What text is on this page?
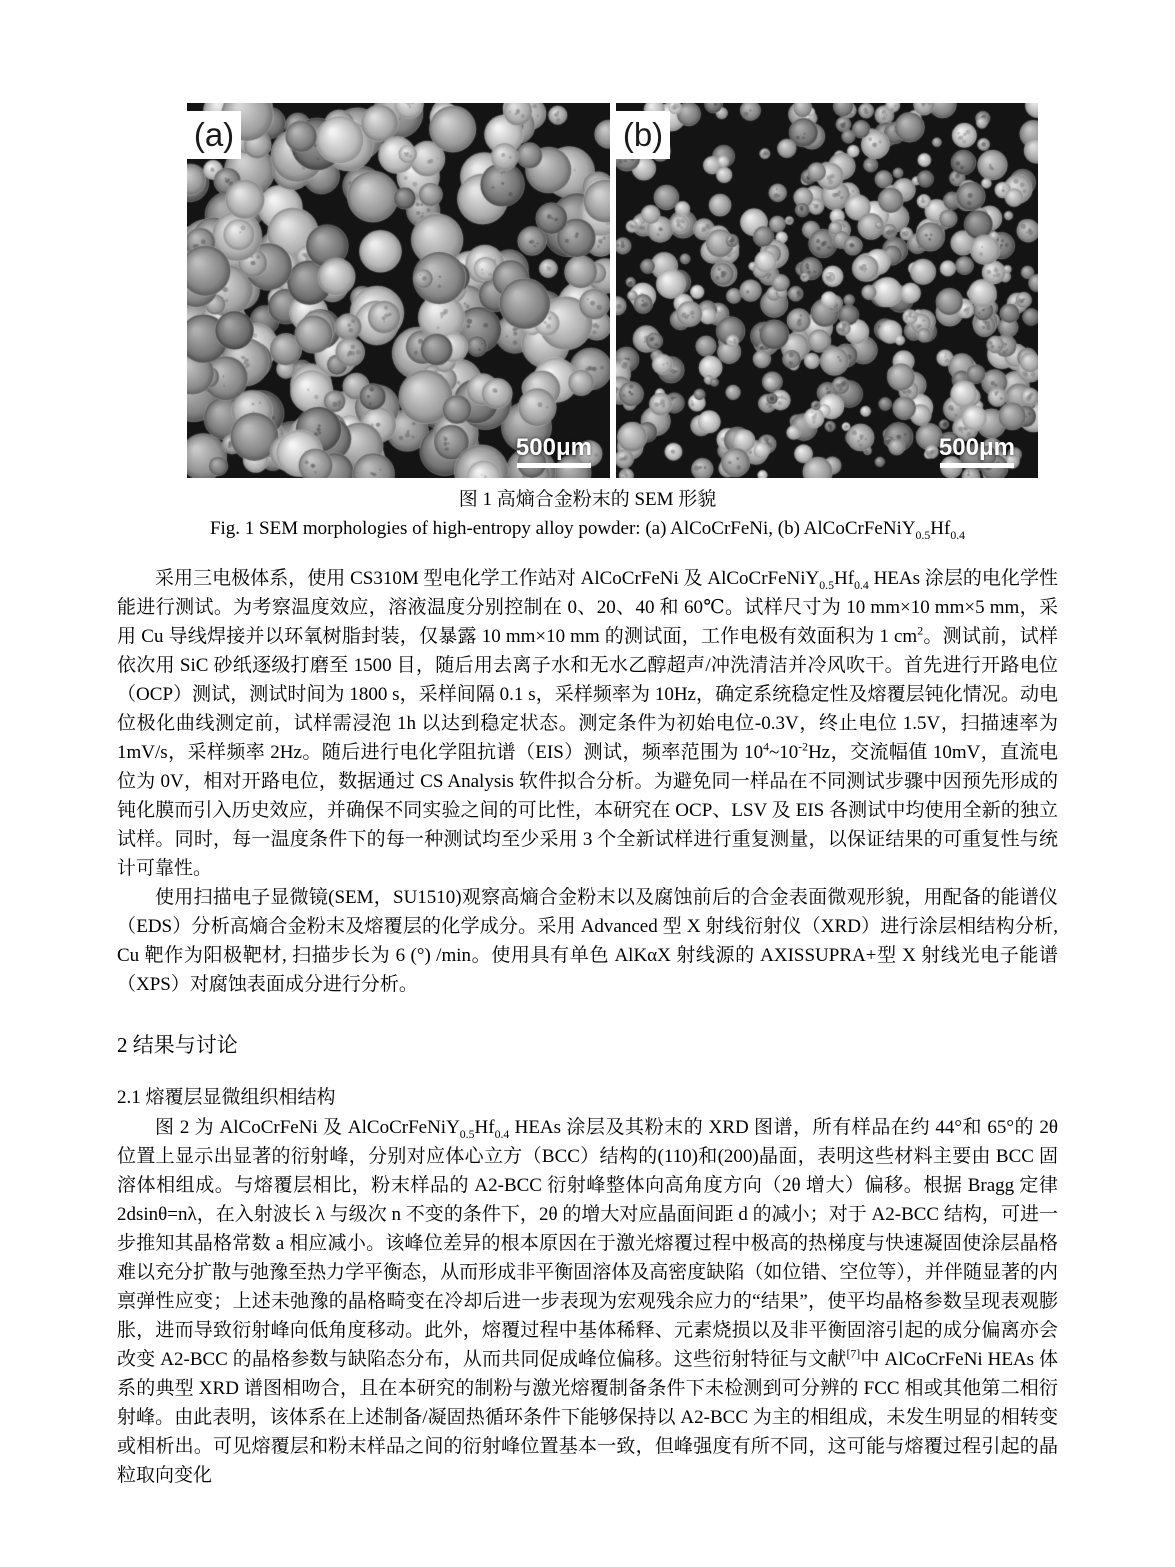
(a)
500μm
(b)
500μm
图 1 高熵合金粉末的 SEM 形貌
Fig. 1 SEM morphologies of high-entropy alloy powder: (a) AlCoCrFeNi, (b) $AlCoCrFeNiY_{0.5}Hf_{0.4}$

采用三电极体系，使用 CS310M 型电化学工作站对 AlCoCrFeNi 及 $AlCoCrFeNiY_{0.5}Hf_{0.4}$ HEAs 涂层的电化学性能进行测试。为考察温度效应，溶液温度分别控制在 0、20、40 和 60℃。试样尺寸为 10 mm×10 mm×5 mm，采用 Cu 导线焊接并以环氧树脂封装，仅暴露 10 mm×10 mm 的测试面，工作电极有效面积为 1 $cm^2$。测试前，试样依次用 SiC 砂纸逐级打磨至 1500 目，随后用去离子水和无水乙醇超声/冲洗清洁并冷风吹干。首先进行开路电位（OCP）测试，测试时间为 1800 s，采样间隔 0.1 s，采样频率为 10Hz，确定系统稳定性及熔覆层钝化情况。动电位极化曲线测定前，试样需浸泡 1h 以达到稳定状态。测定条件为初始电位-0.3V，终止电位 1.5V，扫描速率为 1mV/s，采样频率 2Hz。随后进行电化学阻抗谱（EIS）测试，频率范围为 $10^4\sim 10^{-2}Hz$，交流幅值 10mV，直流电位为 0V，相对开路电位，数据通过 CS Analysis 软件拟合分析。为避免同一样品在不同测试步骤中因预先形成的钝化膜而引入历史效应，并确保不同实验之间的可比性，本研究在 OCP、LSV 及 EIS 各测试中均使用全新的独立试样。同时，每一温度条件下的每一种测试均至少采用 3 个全新试样进行重复测量，以保证结果的可重复性与统计可靠性。

使用扫描电子显微镜(SEM，SU1510)观察高熵合金粉末以及腐蚀前后的合金表面微观形貌，用配备的能谱仪（EDS）分析高熵合金粉末及熔覆层的化学成分。采用 Advanced 型 X 射线衍射仪（XRD）进行涂层相结构分析, Cu 靶作为阳极靶材, 扫描步长为 6 (°) /min。使用具有单色 AlKαX 射线源的 AXISSUPRA+型 X 射线光电子能谱（XPS）对腐蚀表面成分进行分析。

2 结果与讨论
2.1 熔覆层显微组织相结构

图 2 为 AlCoCrFeNi 及 $AlCoCrFeNiY_{0.5}Hf_{0.4}$ HEAs 涂层及其粉末的 XRD 图谱，所有样品在约 44°和 65°的 2θ 位置上显示出显著的衍射峰，分别对应体心立方（BCC）结构的(110)和(200)晶面，表明这些材料主要由 BCC 固溶体相组成。与熔覆层相比，粉末样品的 A2-BCC 衍射峰整体向高角度方向（2θ 增大）偏移。根据 Bragg 定律 2dsinθ=nλ，在入射波长 λ 与级次 n 不变的条件下，2θ 的增大对应晶面间距 d 的减小；对于 A2-BCC 结构，可进一步推知其晶格常数 a 相应减小。该峰位差异的根本原因在于激光熔覆过程中极高的热梯度与快速凝固使涂层晶格难以充分扩散与弛豫至热力学平衡态，从而形成非平衡固溶体及高密度缺陷（如位错、空位等），并伴随显著的内禀弹性应变；上述未弛豫的晶格畸变在冷却后进一步表现为宏观残余应力的“结果”，使平均晶格参数呈现表观膨胀，进而导致衍射峰向低角度移动。此外，熔覆过程中基体稀释、元素烧损以及非平衡固溶引起的成分偏离亦会改变 A2-BCC 的晶格参数与缺陷态分布，从而共同促成峰位偏移。这些衍射特征与文献[7]中 AlCoCrFeNi HEAs 体系的典型 XRD 谱图相吻合，且在本研究的制粉与激光熔覆制备条件下未检测到可分辨的 FCC 相或其他第二相衍射峰。由此表明，该体系在上述制备/凝固热循环条件下能够保持以 A2-BCC 为主的相组成，未发生明显的相转变或相析出。可见熔覆层和粉末样品之间的衍射峰位置基本一致，但峰强度有所不同，这可能与熔覆过程引起的晶粒取向变化
